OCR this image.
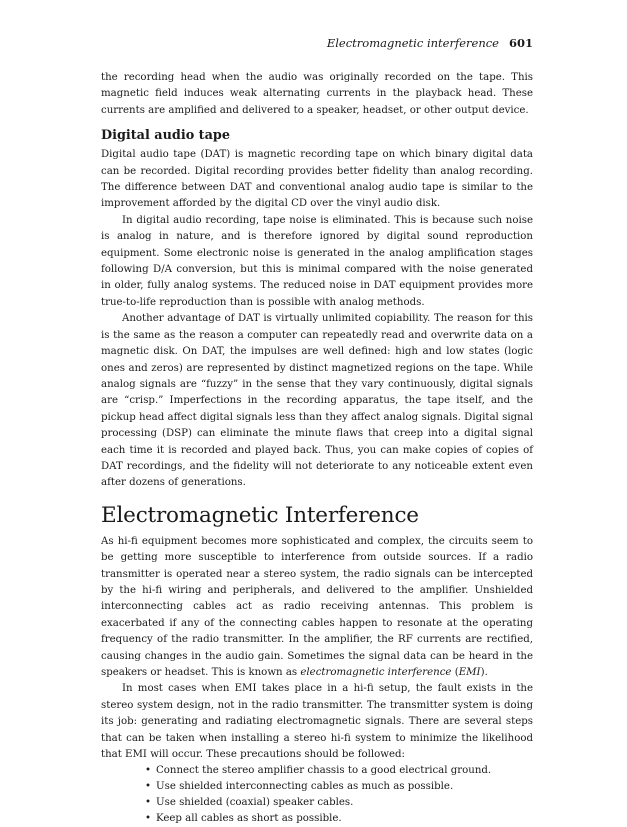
Electromagnetic interference 601

the recording head when the audio was originally recorded on the tape. This magnetic field induces weak alternating currents in the playback head. These currents are amplified and delivered to a speaker, headset, or other output device.

Digital audio tape

Digital audio tape (DAT) is magnetic recording tape on which binary digital data can be recorded. Digital recording provides better fidelity than analog recording. The difference between DAT and conventional analog audio tape is similar to the improvement afforded by the digital CD over the vinyl audio disk.

In digital audio recording, tape noise is eliminated. This is because such noise is analog in nature, and is therefore ignored by digital sound reproduction equipment. Some electronic noise is generated in the analog amplification stages following D/A conversion, but this is minimal compared with the noise generated in older, fully analog systems. The reduced noise in DAT equipment provides more true-to-life reproduction than is possible with analog methods.

Another advantage of DAT is virtually unlimited copiability. The reason for this is the same as the reason a computer can repeatedly read and overwrite data on a magnetic disk. On DAT, the impulses are well defined: high and low states (logic ones and zeros) are represented by distinct magnetized regions on the tape. While analog signals are “fuzzy” in the sense that they vary continuously, digital signals are “crisp.” Imperfections in the recording apparatus, the tape itself, and the pickup head affect digital signals less than they affect analog signals. Digital signal processing (DSP) can eliminate the minute flaws that creep into a digital signal each time it is recorded and played back. Thus, you can make copies of copies of DAT recordings, and the fidelity will not deteriorate to any noticeable extent even after dozens of generations.

Electromagnetic Interference

As hi-fi equipment becomes more sophisticated and complex, the circuits seem to be getting more susceptible to interference from outside sources. If a radio transmitter is operated near a stereo system, the radio signals can be intercepted by the hi-fi wiring and peripherals, and delivered to the amplifier. Unshielded interconnecting cables act as radio receiving antennas. This problem is exacerbated if any of the connecting cables happen to resonate at the operating frequency of the radio transmitter. In the amplifier, the RF currents are rectified, causing changes in the audio gain. Sometimes the signal data can be heard in the speakers or headset. This is known as electromagnetic interference (EMI).

In most cases when EMI takes place in a hi-fi setup, the fault exists in the stereo system design, not in the radio transmitter. The transmitter system is doing its job: generating and radiating electromagnetic signals. There are several steps that can be taken when installing a stereo hi-fi system to minimize the likelihood that EMI will occur. These precautions should be followed:

• Connect the stereo amplifier chassis to a good electrical ground.
• Use shielded interconnecting cables as much as possible.
• Use shielded (coaxial) speaker cables.
• Keep all cables as short as possible.
